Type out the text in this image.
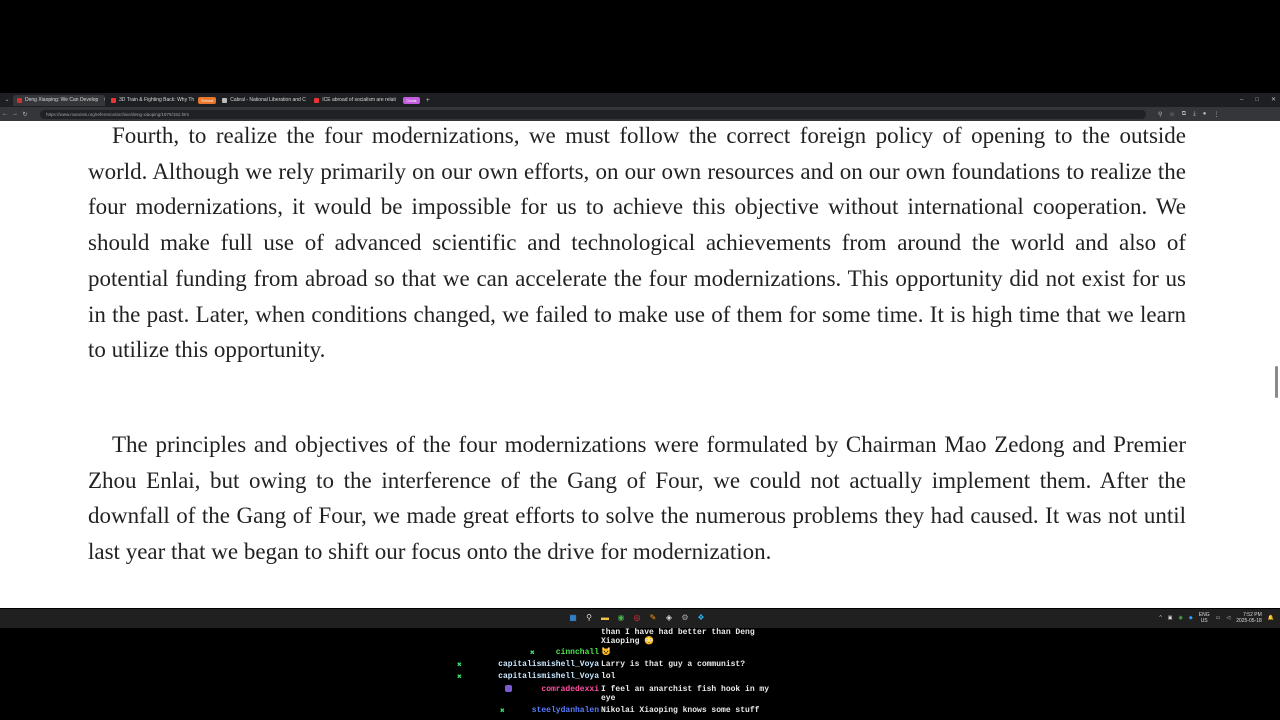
⌄	Deng Xiaoping: We Can Develop	3D Train & Fighting Back: Why Th	School	Cabral - National Liberation and C	ICE abroad of socialism are relati	Chats	+	– □ ✕
← → ↻	https://www.marxists.org/reference/archive/deng-xiaoping/1979/152.htm	⚲ ☆ ⧉ ⤓ ● ⋮

Fourth, to realize the four modernizations, we must follow the correct foreign policy of opening to the outside world. Although we rely primarily on our own efforts, on our own resources and on our own foundations to realize the four modernizations, it would be impossible for us to achieve this objective without international cooperation. We should make full use of advanced scientific and technological achievements from around the world and also of potential funding from abroad so that we can accelerate the four modernizations. This opportunity did not exist for us in the past. Later, when conditions changed, we failed to make use of them for some time. It is high time that we learn to utilize this opportunity.

The principles and objectives of the four modernizations were formulated by Chairman Mao Zedong and Premier Zhou Enlai, but owing to the interference of the Gang of Four, we could not actually implement them. After the downfall of the Gang of Four, we made great efforts to solve the numerous problems they had caused. It was not until last year that we began to shift our focus onto the drive for modernization.

▦ ⚲ ▬ ◉ ◎ ✎ ◈ ⚙ ❖	^ ▣ ◉ ◆ ENG
US	▭ ◁	7:52 PM
2025-05-18 🔔
than I have had better than Deng
Xiaoping 😳
✖	cinnchall 😺
✖	capitalismishell_Voya Larry is that guy a communist?
✖	capitalismishell_Voya lol
comradedexxi I feel an anarchist fish hook in my
eye
✖	steelydanhalen Nikolai Xiaoping knows some stuff
